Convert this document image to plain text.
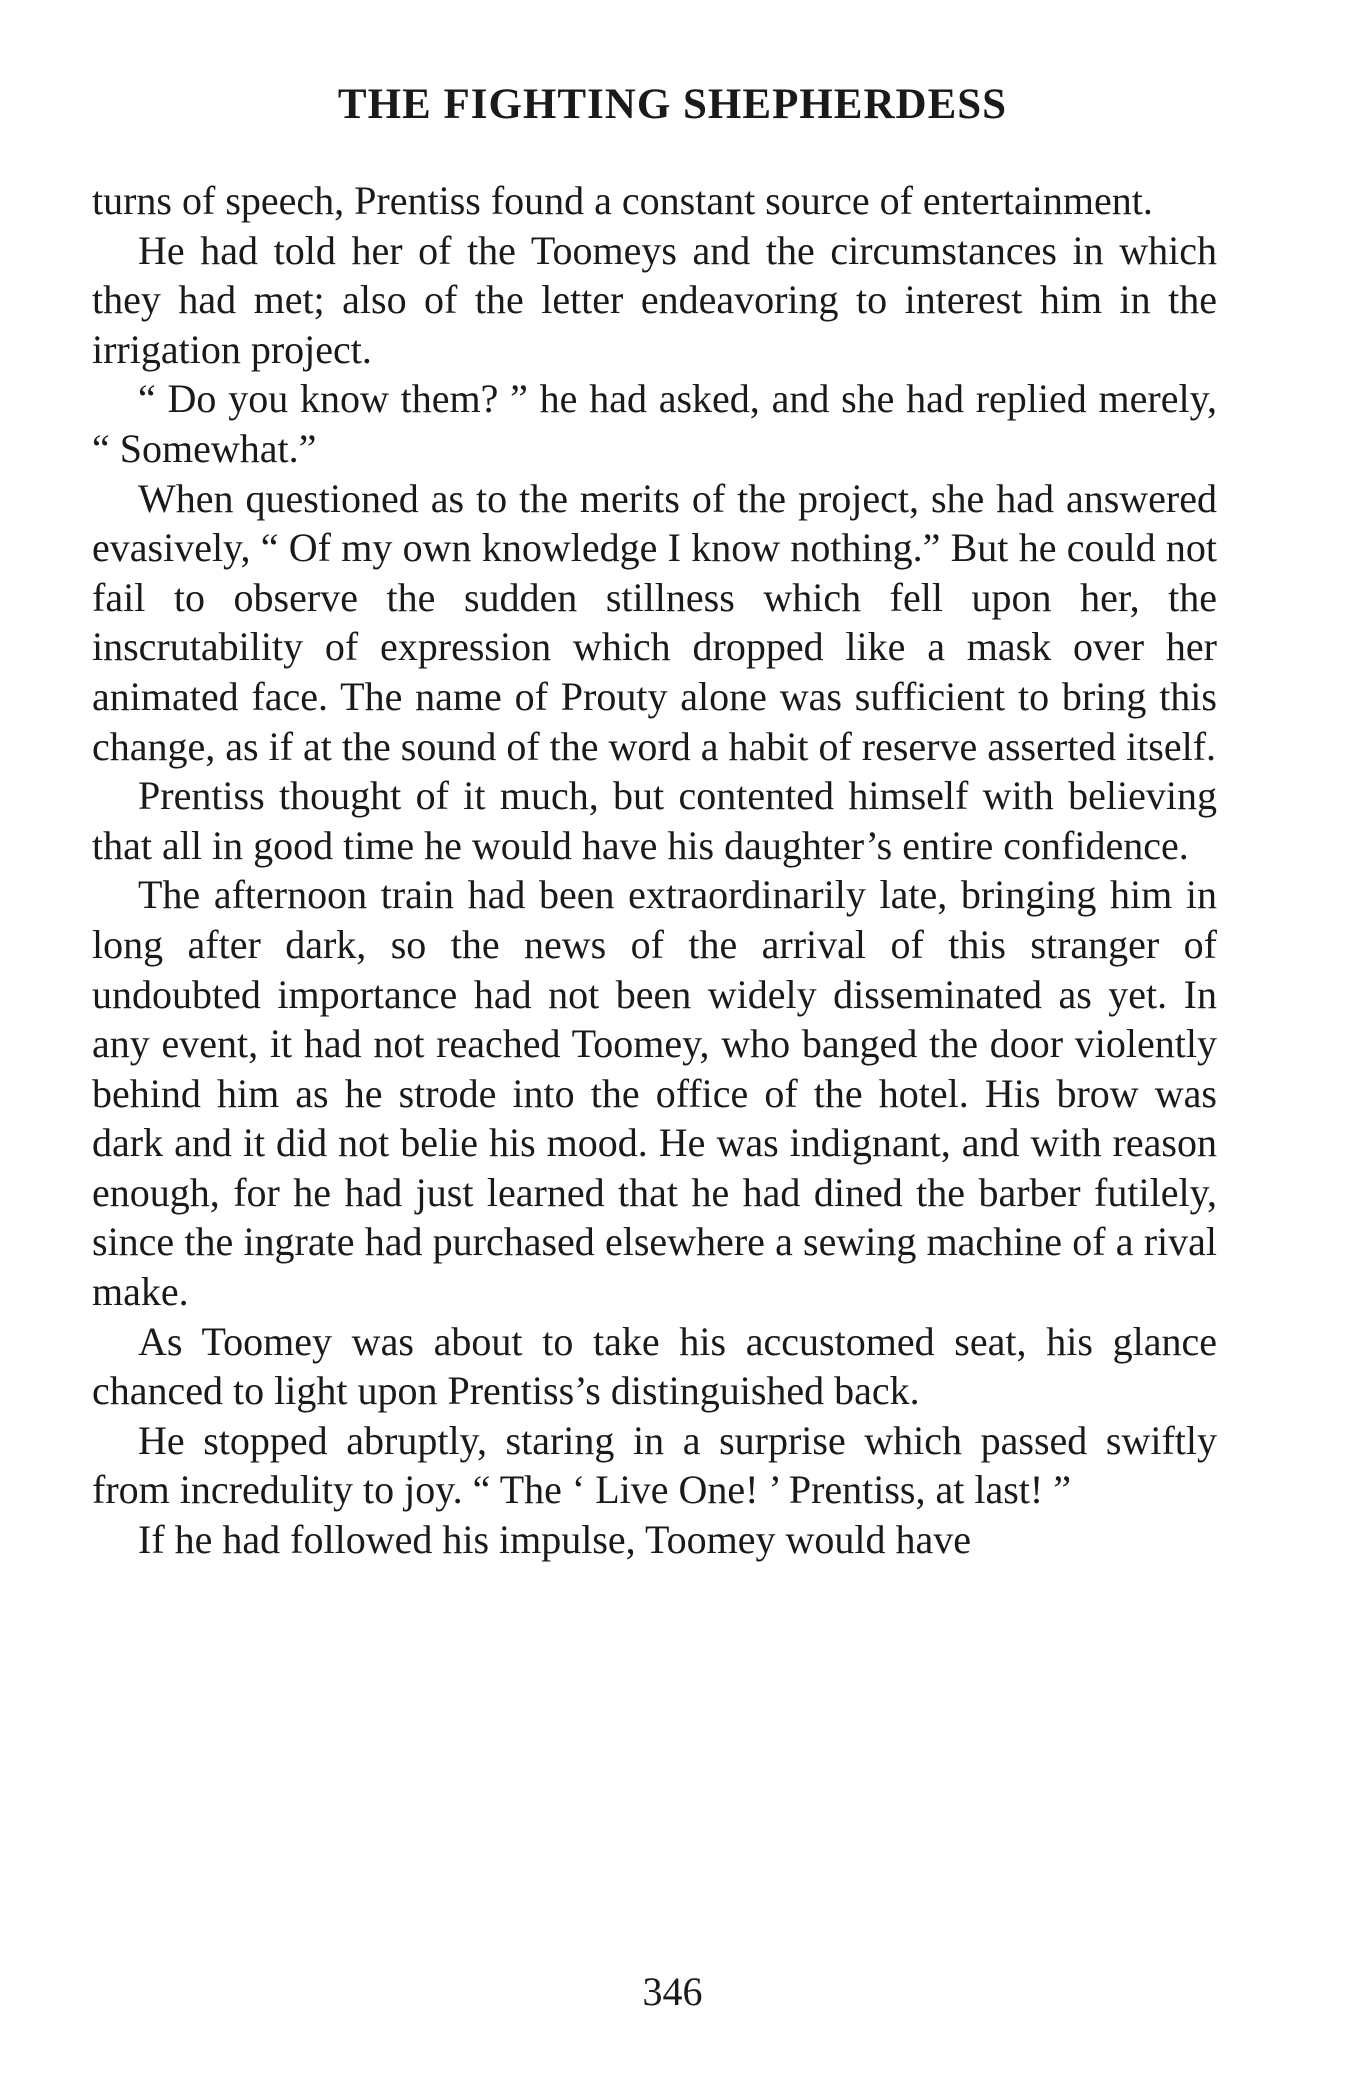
THE FIGHTING SHEPHERDESS

turns of speech, Prentiss found a constant source of entertainment.

He had told her of the Toomeys and the circumstances in which they had met; also of the letter endeavoring to interest him in the irrigation project.

“ Do you know them? ” he had asked, and she had replied merely, “ Somewhat.”

When questioned as to the merits of the project, she had answered evasively, “ Of my own knowledge I know nothing.” But he could not fail to observe the sudden stillness which fell upon her, the inscrutability of expression which dropped like a mask over her animated face. The name of Prouty alone was sufficient to bring this change, as if at the sound of the word a habit of reserve asserted itself.

Prentiss thought of it much, but contented himself with believing that all in good time he would have his daughter’s entire confidence.

The afternoon train had been extraordinarily late, bringing him in long after dark, so the news of the arrival of this stranger of undoubted importance had not been widely disseminated as yet. In any event, it had not reached Toomey, who banged the door violently behind him as he strode into the office of the hotel. His brow was dark and it did not belie his mood. He was indignant, and with reason enough, for he had just learned that he had dined the barber futilely, since the ingrate had purchased elsewhere a sewing machine of a rival make.

As Toomey was about to take his accustomed seat, his glance chanced to light upon Prentiss’s distinguished back.

He stopped abruptly, staring in a surprise which passed swiftly from incredulity to joy. “ The ‘ Live One! ’ Prentiss, at last! ”

If he had followed his impulse, Toomey would have

346
